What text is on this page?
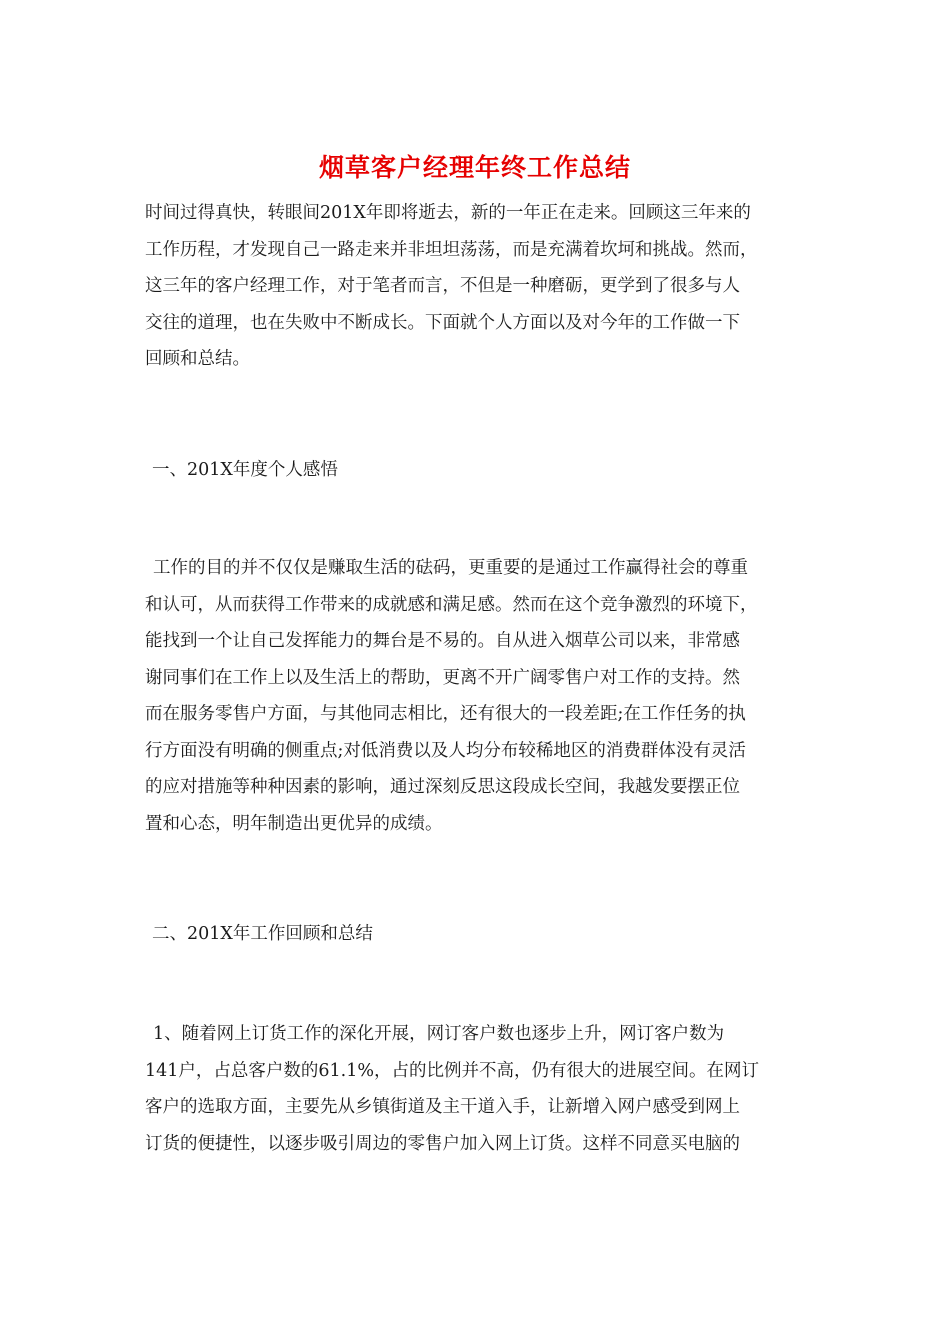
烟草客户经理年终工作总结
时间过得真快，转眼间201X年即将逝去，新的一年正在走来。回顾这三年来的
工作历程，才发现自己一路走来并非坦坦荡荡，而是充满着坎坷和挑战。然而，
这三年的客户经理工作，对于笔者而言，不但是一种磨砺，更学到了很多与人
交往的道理，也在失败中不断成长。下面就个人方面以及对今年的工作做一下
回顾和总结。
一、201X年度个人感悟
工作的目的并不仅仅是赚取生活的砝码，更重要的是通过工作赢得社会的尊重
和认可，从而获得工作带来的成就感和满足感。然而在这个竞争激烈的环境下，
能找到一个让自己发挥能力的舞台是不易的。自从进入烟草公司以来，非常感
谢同事们在工作上以及生活上的帮助，更离不开广阔零售户对工作的支持。然
而在服务零售户方面，与其他同志相比，还有很大的一段差距;在工作任务的执
行方面没有明确的侧重点;对低消费以及人均分布较稀地区的消费群体没有灵活
的应对措施等种种因素的影响，通过深刻反思这段成长空间，我越发要摆正位
置和心态，明年制造出更优异的成绩。
二、201X年工作回顾和总结
1、随着网上订货工作的深化开展，网订客户数也逐步上升，网订客户数为
141户，占总客户数的61.1%，占的比例并不高，仍有很大的进展空间。在网订
客户的选取方面，主要先从乡镇街道及主干道入手，让新增入网户感受到网上
订货的便捷性，以逐步吸引周边的零售户加入网上订货。这样不同意买电脑的
